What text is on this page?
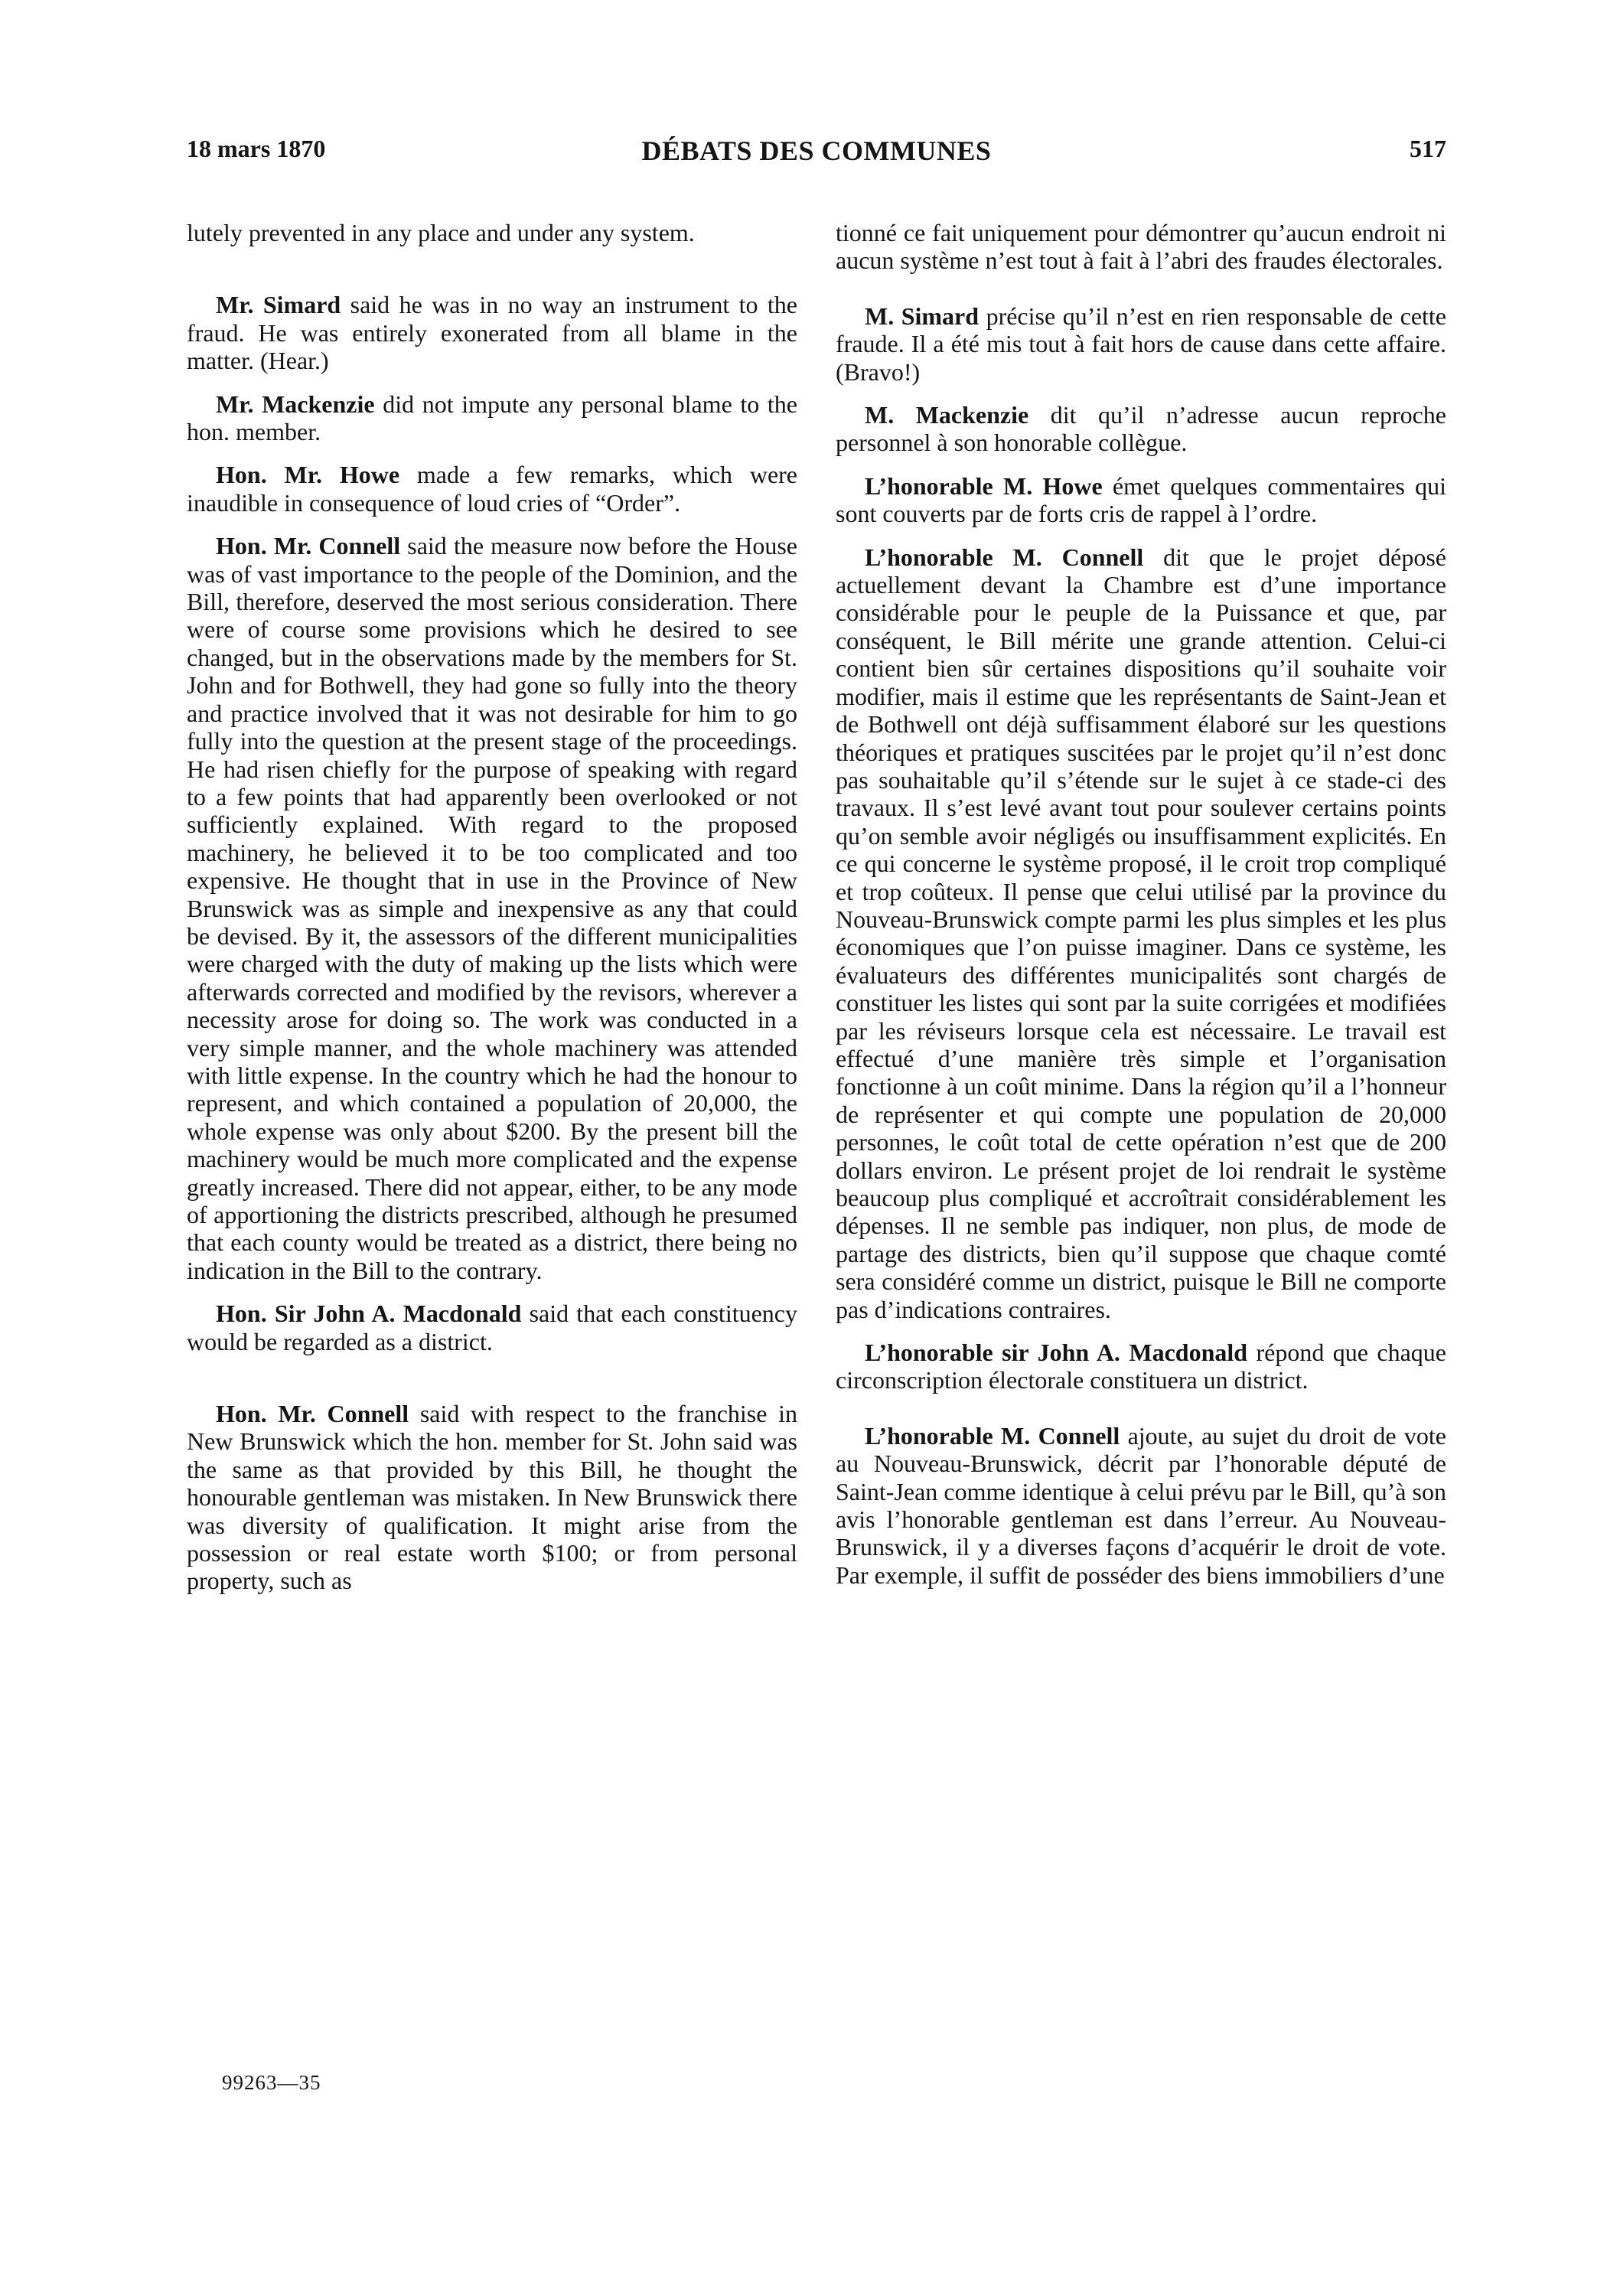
18 mars 1870	DÉBATS DES COMMUNES	517

lutely prevented in any place and under any system.

Mr. Simard said he was in no way an instrument to the fraud. He was entirely exonerated from all blame in the matter. (Hear.)

Mr. Mackenzie did not impute any personal blame to the hon. member.

Hon. Mr. Howe made a few remarks, which were inaudible in consequence of loud cries of “Order”.

Hon. Mr. Connell said the measure now before the House was of vast importance to the people of the Dominion, and the Bill, therefore, deserved the most serious consideration. There were of course some provisions which he desired to see changed, but in the observations made by the members for St. John and for Bothwell, they had gone so fully into the theory and practice involved that it was not desirable for him to go fully into the question at the present stage of the proceedings. He had risen chiefly for the purpose of speaking with regard to a few points that had apparently been overlooked or not sufficiently explained. With regard to the proposed machinery, he believed it to be too complicated and too expensive. He thought that in use in the Province of New Brunswick was as simple and inexpensive as any that could be devised. By it, the assessors of the different municipalities were charged with the duty of making up the lists which were afterwards corrected and modified by the revisors, wherever a necessity arose for doing so. The work was conducted in a very simple manner, and the whole machinery was attended with little expense. In the country which he had the honour to represent, and which contained a population of 20,000, the whole expense was only about $200. By the present bill the machinery would be much more complicated and the expense greatly increased. There did not appear, either, to be any mode of apportioning the districts prescribed, although he presumed that each county would be treated as a district, there being no indication in the Bill to the contrary.

Hon. Sir John A. Macdonald said that each constituency would be regarded as a district.

Hon. Mr. Connell said with respect to the franchise in New Brunswick which the hon. member for St. John said was the same as that provided by this Bill, he thought the honourable gentleman was mistaken. In New Brunswick there was diversity of qualification. It might arise from the possession or real estate worth $100; or from personal property, such as

tionné ce fait uniquement pour démontrer qu’aucun endroit ni aucun système n’est tout à fait à l’abri des fraudes électorales.

M. Simard précise qu’il n’est en rien responsable de cette fraude. Il a été mis tout à fait hors de cause dans cette affaire. (Bravo!)

M. Mackenzie dit qu’il n’adresse aucun reproche personnel à son honorable collègue.

L’honorable M. Howe émet quelques commentaires qui sont couverts par de forts cris de rappel à l’ordre.

L’honorable M. Connell dit que le projet déposé actuellement devant la Chambre est d’une importance considérable pour le peuple de la Puissance et que, par conséquent, le Bill mérite une grande attention. Celui-ci contient bien sûr certaines dispositions qu’il souhaite voir modifier, mais il estime que les représentants de Saint-Jean et de Bothwell ont déjà suffisamment élaboré sur les questions théoriques et pratiques suscitées par le projet qu’il n’est donc pas souhaitable qu’il s’étende sur le sujet à ce stade-ci des travaux. Il s’est levé avant tout pour soulever certains points qu’on semble avoir négligés ou insuffisamment explicités. En ce qui concerne le système proposé, il le croit trop compliqué et trop coûteux. Il pense que celui utilisé par la province du Nouveau-Brunswick compte parmi les plus simples et les plus économiques que l’on puisse imaginer. Dans ce système, les évaluateurs des différentes municipalités sont chargés de constituer les listes qui sont par la suite corrigées et modifiées par les réviseurs lorsque cela est nécessaire. Le travail est effectué d’une manière très simple et l’organisation fonctionne à un coût minime. Dans la région qu’il a l’honneur de représenter et qui compte une population de 20,000 personnes, le coût total de cette opération n’est que de 200 dollars environ. Le présent projet de loi rendrait le système beaucoup plus compliqué et accroîtrait considérablement les dépenses. Il ne semble pas indiquer, non plus, de mode de partage des districts, bien qu’il suppose que chaque comté sera considéré comme un district, puisque le Bill ne comporte pas d’indications contraires.

L’honorable sir John A. Macdonald répond que chaque circonscription électorale constituera un district.

L’honorable M. Connell ajoute, au sujet du droit de vote au Nouveau-Brunswick, décrit par l’honorable député de Saint-Jean comme identique à celui prévu par le Bill, qu’à son avis l’honorable gentleman est dans l’erreur. Au Nouveau-Brunswick, il y a diverses façons d’acquérir le droit de vote. Par exemple, il suffit de posséder des biens immobiliers d’une

99263—35
